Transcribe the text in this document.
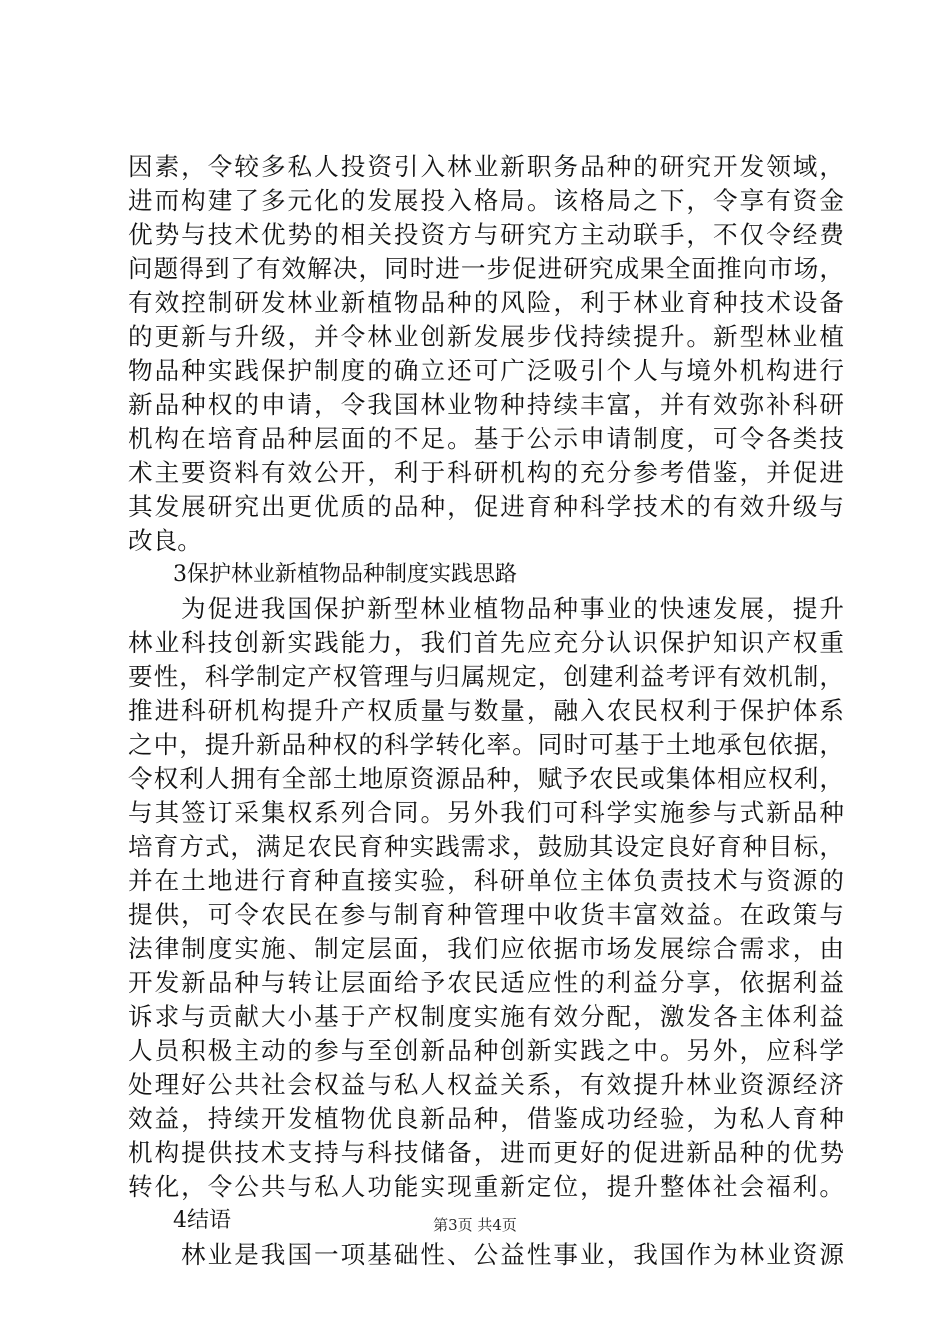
因素，令较多私人投资引入林业新职务品种的研究开发领域，
进而构建了多元化的发展投入格局。该格局之下，令享有资金
优势与技术优势的相关投资方与研究方主动联手，不仅令经费
问题得到了有效解决，同时进一步促进研究成果全面推向市场，
有效控制研发林业新植物品种的风险，利于林业育种技术设备
的更新与升级，并令林业创新发展步伐持续提升。新型林业植
物品种实践保护制度的确立还可广泛吸引个人与境外机构进行
新品种权的申请，令我国林业物种持续丰富，并有效弥补科研
机构在培育品种层面的不足。基于公示申请制度，可令各类技
术主要资料有效公开，利于科研机构的充分参考借鉴，并促进
其发展研究出更优质的品种，促进育种科学技术的有效升级与
改良。
3保护林业新植物品种制度实践思路
为促进我国保护新型林业植物品种事业的快速发展，提升
林业科技创新实践能力，我们首先应充分认识保护知识产权重
要性，科学制定产权管理与归属规定，创建利益考评有效机制，
推进科研机构提升产权质量与数量，融入农民权利于保护体系
之中，提升新品种权的科学转化率。同时可基于土地承包依据，
令权利人拥有全部土地原资源品种，赋予农民或集体相应权利，
与其签订采集权系列合同。另外我们可科学实施参与式新品种
培育方式，满足农民育种实践需求，鼓励其设定良好育种目标，
并在土地进行育种直接实验，科研单位主体负责技术与资源的
提供，可令农民在参与制育种管理中收货丰富效益。在政策与
法律制度实施、制定层面，我们应依据市场发展综合需求，由
开发新品种与转让层面给予农民适应性的利益分享，依据利益
诉求与贡献大小基于产权制度实施有效分配，激发各主体利益
人员积极主动的参与至创新品种创新实践之中。另外，应科学
处理好公共社会权益与私人权益关系，有效提升林业资源经济
效益，持续开发植物优良新品种，借鉴成功经验，为私人育种
机构提供技术支持与科技储备，进而更好的促进新品种的优势
转化，令公共与私人功能实现重新定位，提升整体社会福利。
4结语
林业是我国一项基础性、公益性事业，我国作为林业资源
第3页 共4页
